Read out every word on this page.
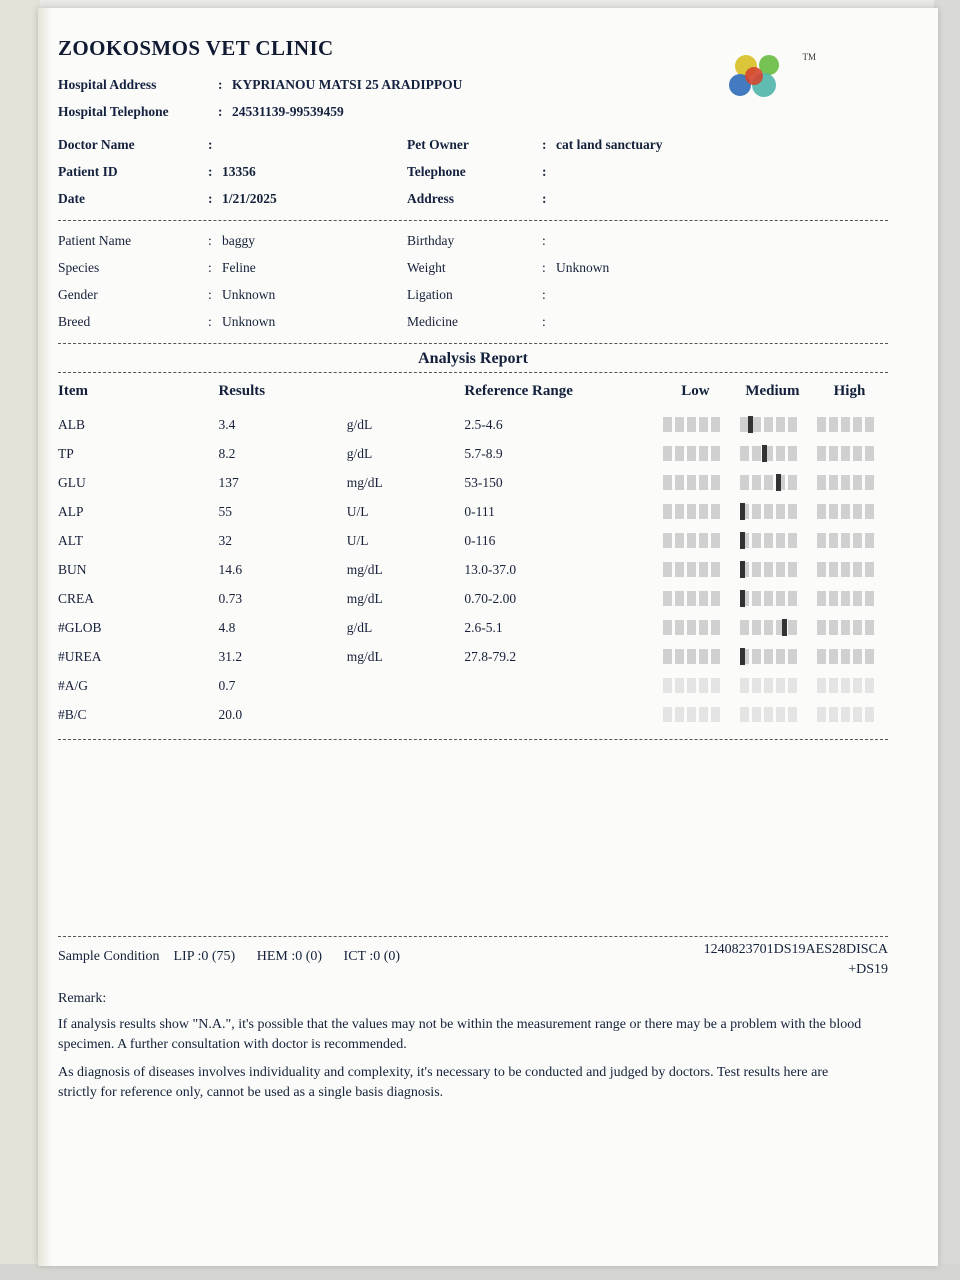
ZOOKOSMOS VET CLINIC	TM
Hospital Address	: KYPRIANOU MATSI 25 ARADIPPOU
Hospital Telephone	: 24531139-99539459
Doctor Name	:	Pet Owner	: cat land sanctuary
Patient ID	: 13356	Telephone	:
Date	: 1/21/2025	Address	:
Patient Name	: baggy	Birthday	:
Species	: Feline	Weight	: Unknown
Gender	: Unknown	Ligation	:
Breed	: Unknown	Medicine	:
Analysis Report
Item	Results		Reference Range	Low	Medium	High
ALB	3.4	g/dL	2.5-4.6	

TP	8.2	g/dL	5.7-8.9	

GLU	137	mg/dL	53-150	

ALP	55	U/L	0-111	

ALT	32	U/L	0-116	

BUN	14.6	mg/dL	13.0-37.0	

CREA	0.73	mg/dL	0.70-2.00	

#GLOB	4.8	g/dL	2.6-5.1	

#UREA	31.2	mg/dL	27.8-79.2	

#A/G	0.7			

#B/C	20.0			

Sample Condition LIP :0 (75) HEM :0 (0) ICT :0 (0)	1240823701DS19AES28DISCA
+DS19
Remark:
If analysis results show "N.A.", it's possible that the values may not be within the measurement range or there may be a problem with the blood specimen. A further consultation with doctor is recommended.
As diagnosis of diseases involves individuality and complexity, it's necessary to be conducted and judged by doctors. Test results here are strictly for reference only, cannot be used as a single basis diagnosis.
